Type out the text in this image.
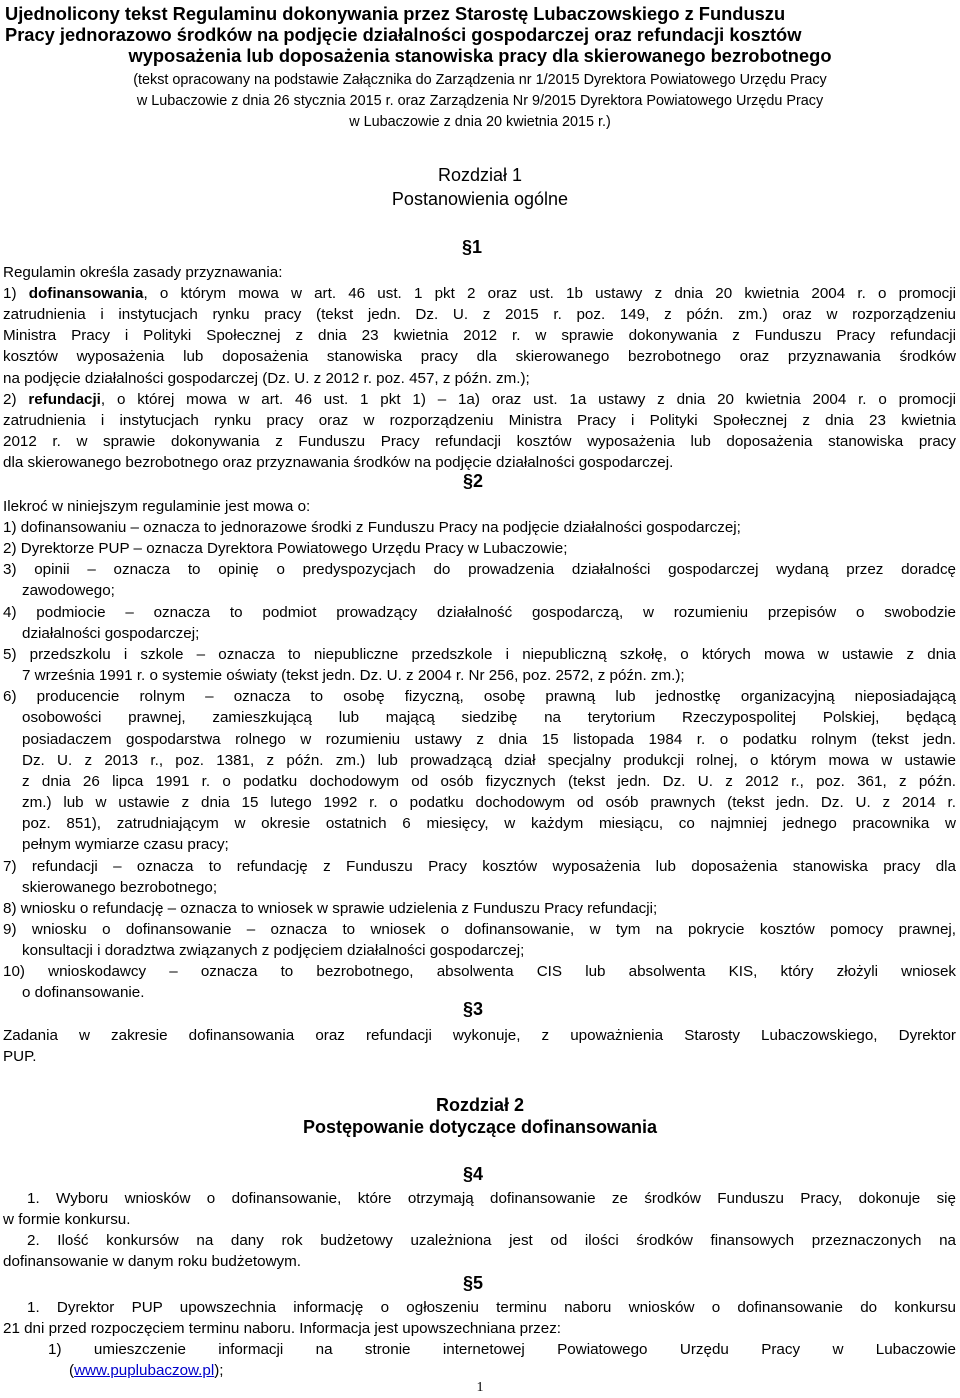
Ujednolicony tekst Regulaminu dokonywania przez Starostę Lubaczowskiego z Funduszu
Pracy jednorazowo środków na podjęcie działalności gospodarczej oraz refundacji kosztów
wyposażenia lub doposażenia stanowiska pracy dla skierowanego bezrobotnego
(tekst opracowany na podstawie Załącznika do Zarządzenia nr 1/2015 Dyrektora Powiatowego Urzędu Pracy
w Lubaczowie z dnia 26 stycznia 2015 r. oraz Zarządzenia Nr 9/2015 Dyrektora Powiatowego Urzędu Pracy
w Lubaczowie z dnia 20 kwietnia 2015 r.)
Rozdział 1
Postanowienia ogólne
§1
Regulamin określa zasady przyznawania:
1) dofinansowania, o którym mowa w art. 46 ust. 1 pkt 2 oraz ust. 1b ustawy z dnia 20 kwietnia 2004 r. o promocji
zatrudnienia i instytucjach rynku pracy (tekst jedn. Dz. U. z 2015 r. poz. 149, z późn. zm.) oraz w rozporządzeniu
Ministra Pracy i Polityki Społecznej z dnia 23 kwietnia 2012 r. w sprawie dokonywania z Funduszu Pracy refundacji
kosztów wyposażenia lub doposażenia stanowiska pracy dla skierowanego bezrobotnego oraz przyznawania środków
na podjęcie działalności gospodarczej (Dz. U. z 2012 r. poz. 457, z późn. zm.);
2) refundacji, o której mowa w art. 46 ust. 1 pkt 1) – 1a) oraz ust. 1a ustawy z dnia 20 kwietnia 2004 r. o promocji
zatrudnienia i instytucjach rynku pracy oraz w rozporządzeniu Ministra Pracy i Polityki Społecznej z dnia 23 kwietnia
2012 r. w sprawie dokonywania z Funduszu Pracy refundacji kosztów wyposażenia lub doposażenia stanowiska pracy
dla skierowanego bezrobotnego oraz przyznawania środków na podjęcie działalności gospodarczej.
§2
Ilekroć w niniejszym regulaminie jest mowa o:
1) dofinansowaniu – oznacza to jednorazowe środki z Funduszu Pracy na podjęcie działalności gospodarczej;
2) Dyrektorze PUP – oznacza Dyrektora Powiatowego Urzędu Pracy w Lubaczowie;
3) opinii – oznacza to opinię o predyspozycjach do prowadzenia działalności gospodarczej wydaną przez doradcę
zawodowego;
4) podmiocie – oznacza to podmiot prowadzący działalność gospodarczą, w rozumieniu przepisów o swobodzie
działalności gospodarczej;
5) przedszkolu i szkole – oznacza to niepubliczne przedszkole i niepubliczną szkołę, o których mowa w ustawie z dnia
7 września 1991 r. o systemie oświaty (tekst jedn. Dz. U. z 2004 r. Nr 256, poz. 2572, z późn. zm.);
6) producencie rolnym – oznacza to osobę fizyczną, osobę prawną lub jednostkę organizacyjną nieposiadającą
osobowości prawnej, zamieszkującą lub mającą siedzibę na terytorium Rzeczypospolitej Polskiej, będącą
posiadaczem gospodarstwa rolnego w rozumieniu ustawy z dnia 15 listopada 1984 r. o podatku rolnym (tekst jedn.
Dz. U. z 2013 r., poz. 1381, z późn. zm.) lub prowadzącą dział specjalny produkcji rolnej, o którym mowa w ustawie
z dnia 26 lipca 1991 r. o podatku dochodowym od osób fizycznych (tekst jedn. Dz. U. z 2012 r., poz. 361, z późn.
zm.) lub w ustawie z dnia 15 lutego 1992 r. o podatku dochodowym od osób prawnych (tekst jedn. Dz. U. z 2014 r.
poz. 851), zatrudniającym w okresie ostatnich 6 miesięcy, w każdym miesiącu, co najmniej jednego pracownika w
pełnym wymiarze czasu pracy;
7) refundacji – oznacza to refundację z Funduszu Pracy kosztów wyposażenia lub doposażenia stanowiska pracy dla
skierowanego bezrobotnego;
8) wniosku o refundację – oznacza to wniosek w sprawie udzielenia z Funduszu Pracy refundacji;
9) wniosku o dofinansowanie – oznacza to wniosek o dofinansowanie, w tym na pokrycie kosztów pomocy prawnej,
konsultacji i doradztwa związanych z podjęciem działalności gospodarczej;
10) wnioskodawcy – oznacza to bezrobotnego, absolwenta CIS lub absolwenta KIS, który złożyli wniosek
o dofinansowanie.
§3
Zadania w zakresie dofinansowania oraz refundacji wykonuje, z upoważnienia Starosty Lubaczowskiego, Dyrektor
PUP.
Rozdział 2
Postępowanie dotyczące dofinansowania
§4
1. Wyboru wniosków o dofinansowanie, które otrzymają dofinansowanie ze środków Funduszu Pracy, dokonuje się
w formie konkursu.
2. Ilość konkursów na dany rok budżetowy uzależniona jest od ilości środków finansowych przeznaczonych na
dofinansowanie w danym roku budżetowym.
§5
1. Dyrektor PUP upowszechnia informację o ogłoszeniu terminu naboru wniosków o dofinansowanie do konkursu
21 dni przed rozpoczęciem terminu naboru. Informacja jest upowszechniana przez:
1) umieszczenie informacji na stronie internetowej Powiatowego Urzędu Pracy w Lubaczowie
(www.puplubaczow.pl);
1
